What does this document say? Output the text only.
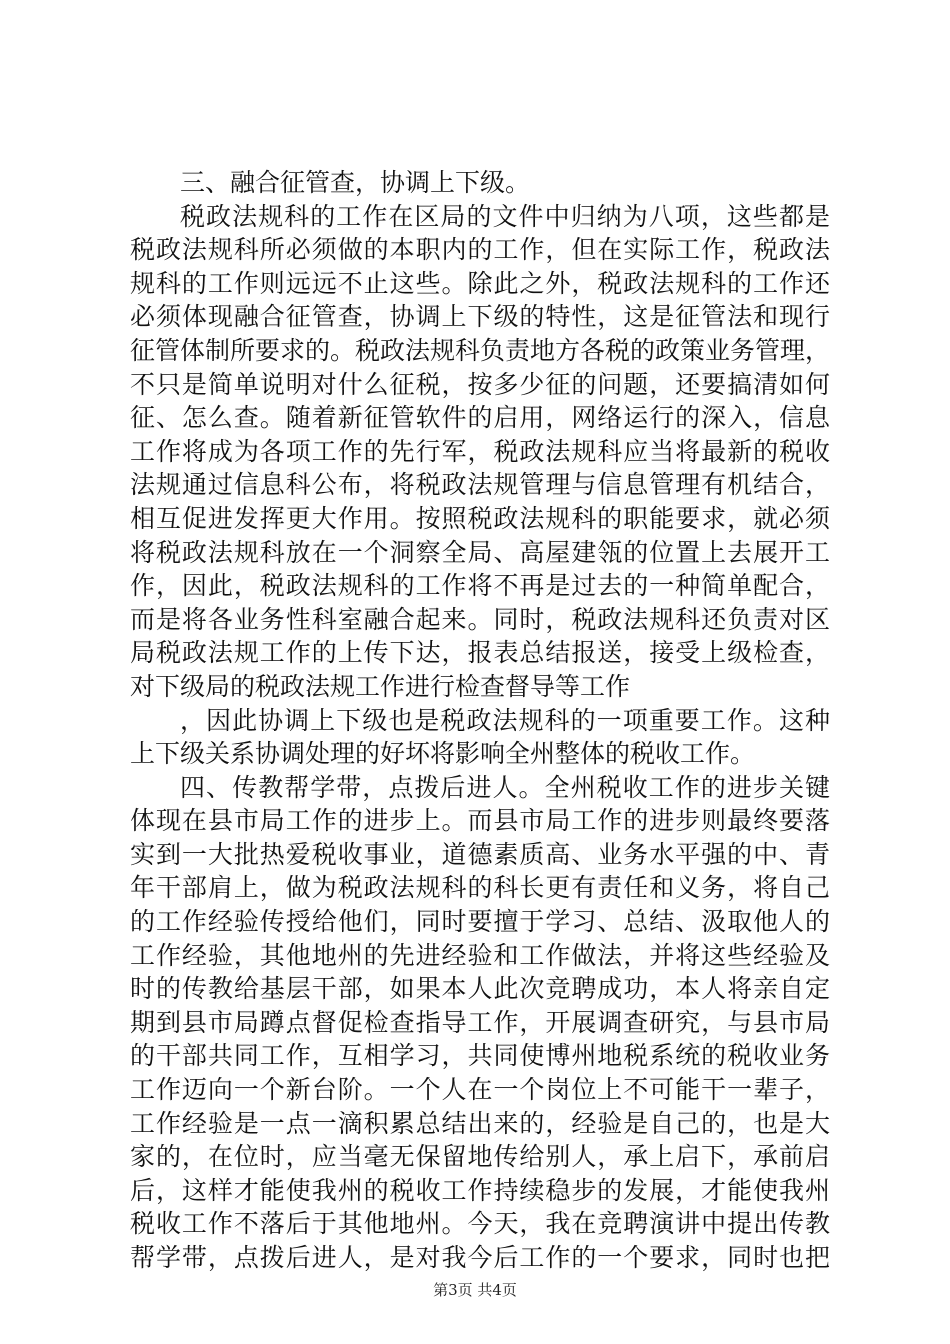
三、融合征管查，协调上下级。
税政法规科的工作在区局的文件中归纳为八项，这些都是
税政法规科所必须做的本职内的工作，但在实际工作，税政法
规科的工作则远远不止这些。除此之外，税政法规科的工作还
必须体现融合征管查，协调上下级的特性，这是征管法和现行
征管体制所要求的。税政法规科负责地方各税的政策业务管理，
不只是简单说明对什么征税，按多少征的问题，还要搞清如何
征、怎么查。随着新征管软件的启用，网络运行的深入，信息
工作将成为各项工作的先行军，税政法规科应当将最新的税收
法规通过信息科公布，将税政法规管理与信息管理有机结合，
相互促进发挥更大作用。按照税政法规科的职能要求，就必须
将税政法规科放在一个洞察全局、高屋建瓴的位置上去展开工
作，因此，税政法规科的工作将不再是过去的一种简单配合，
而是将各业务性科室融合起来。同时，税政法规科还负责对区
局税政法规工作的上传下达，报表总结报送，接受上级检查，
对下级局的税政法规工作进行检查督导等工作
，因此协调上下级也是税政法规科的一项重要工作。这种
上下级关系协调处理的好坏将影响全州整体的税收工作。
四、传教帮学带，点拨后进人。全州税收工作的进步关键
体现在县市局工作的进步上。而县市局工作的进步则最终要落
实到一大批热爱税收事业，道德素质高、业务水平强的中、青
年干部肩上，做为税政法规科的科长更有责任和义务，将自己
的工作经验传授给他们，同时要擅于学习、总结、汲取他人的
工作经验，其他地州的先进经验和工作做法，并将这些经验及
时的传教给基层干部，如果本人此次竞聘成功，本人将亲自定
期到县市局蹲点督促检查指导工作，开展调查研究，与县市局
的干部共同工作，互相学习，共同使博州地税系统的税收业务
工作迈向一个新台阶。一个人在一个岗位上不可能干一辈子，
工作经验是一点一滴积累总结出来的，经验是自己的，也是大
家的，在位时，应当毫无保留地传给别人，承上启下，承前启
后，这样才能使我州的税收工作持续稳步的发展，才能使我州
税收工作不落后于其他地州。今天，我在竞聘演讲中提出传教
帮学带，点拨后进人，是对我今后工作的一个要求，同时也把
第3页 共4页
